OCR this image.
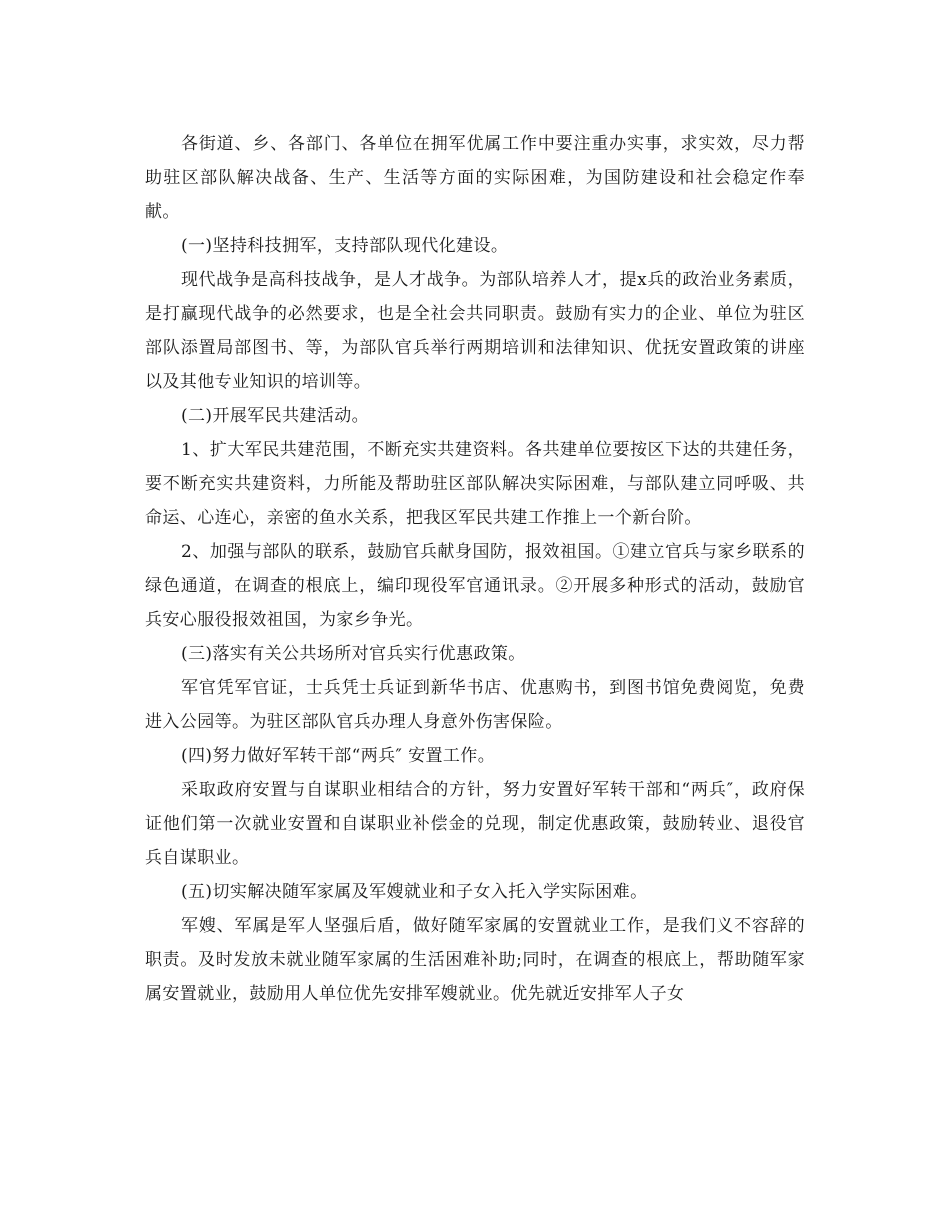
各街道、乡、各部门、各单位在拥军优属工作中要注重办实事，求实效，尽力帮助驻区部队解决战备、生产、生活等方面的实际困难，为国防建设和社会稳定作奉献。

(一)坚持科技拥军，支持部队现代化建设。

现代战争是高科技战争，是人才战争。为部队培养人才，提x兵的政治业务素质，是打赢现代战争的必然要求，也是全社会共同职责。鼓励有实力的企业、单位为驻区部队添置局部图书、等，为部队官兵举行两期培训和法律知识、优抚安置政策的讲座以及其他专业知识的培训等。

(二)开展军民共建活动。

1、扩大军民共建范围，不断充实共建资料。各共建单位要按区下达的共建任务，要不断充实共建资料，力所能及帮助驻区部队解决实际困难，与部队建立同呼吸、共命运、心连心，亲密的鱼水关系，把我区军民共建工作推上一个新台阶。

2、加强与部队的联系，鼓励官兵献身国防，报效祖国。①建立官兵与家乡联系的绿色通道，在调查的根底上，编印现役军官通讯录。②开展多种形式的活动，鼓励官兵安心服役报效祖国，为家乡争光。

(三)落实有关公共场所对官兵实行优惠政策。

军官凭军官证，士兵凭士兵证到新华书店、优惠购书，到图书馆免费阅览，免费进入公园等。为驻区部队官兵办理人身意外伤害保险。

(四)努力做好军转干部“两兵″ 安置工作。

采取政府安置与自谋职业相结合的方针，努力安置好军转干部和“两兵″，政府保证他们第一次就业安置和自谋职业补偿金的兑现，制定优惠政策，鼓励转业、退役官兵自谋职业。

(五)切实解决随军家属及军嫂就业和子女入托入学实际困难。

军嫂、军属是军人坚强后盾，做好随军家属的安置就业工作，是我们义不容辞的职责。及时发放未就业随军家属的生活困难补助;同时，在调查的根底上，帮助随军家属安置就业，鼓励用人单位优先安排军嫂就业。优先就近安排军人子女
